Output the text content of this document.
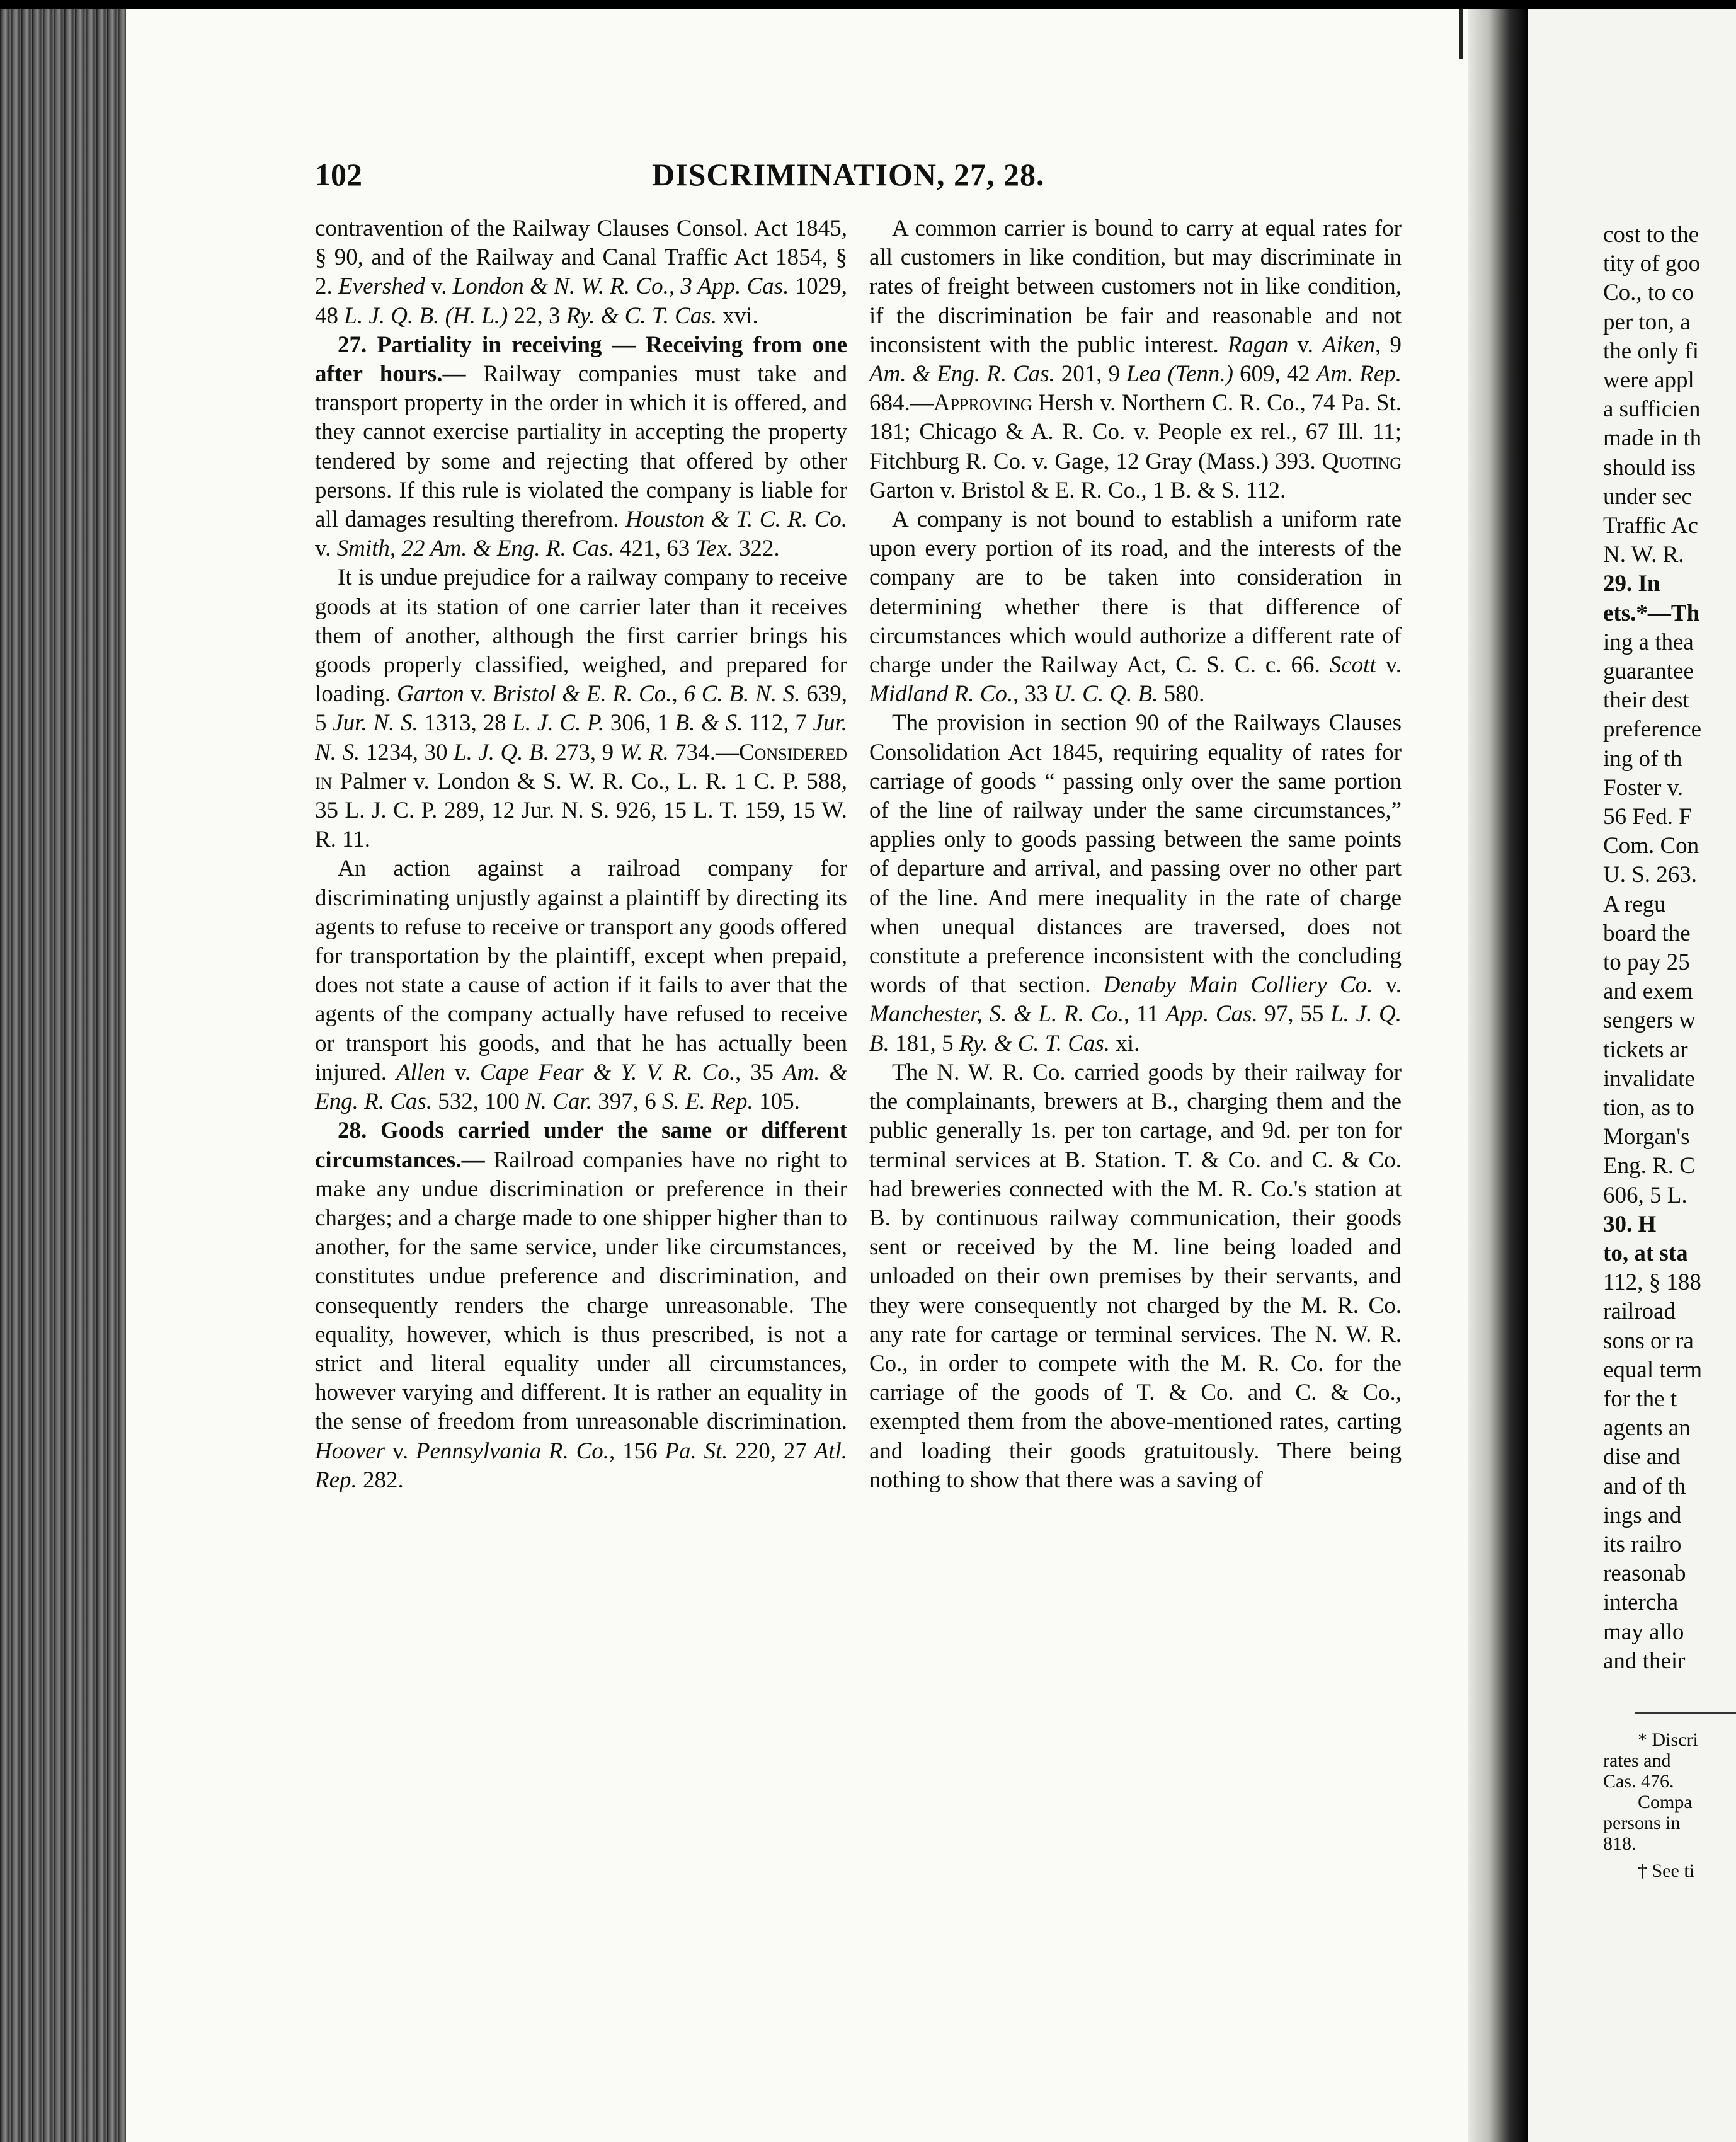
102	DISCRIMINATION, 27, 28.

contravention of the Railway Clauses Consol. Act 1845, § 90, and of the Railway and Canal Traffic Act 1854, § 2. Evershed v. London & N. W. R. Co., 3 App. Cas. 1029, 48 L. J. Q. B. (H. L.) 22, 3 Ry. & C. T. Cas. xvi.

27. Partiality in receiving — Receiving from one after hours.— Railway companies must take and transport property in the order in which it is offered, and they cannot exercise partiality in accepting the property tendered by some and rejecting that offered by other persons. If this rule is violated the company is liable for all damages resulting therefrom. Houston & T. C. R. Co. v. Smith, 22 Am. & Eng. R. Cas. 421, 63 Tex. 322.

It is undue prejudice for a railway company to receive goods at its station of one carrier later than it receives them of another, although the first carrier brings his goods properly classified, weighed, and prepared for loading. Garton v. Bristol & E. R. Co., 6 C. B. N. S. 639, 5 Jur. N. S. 1313, 28 L. J. C. P. 306, 1 B. & S. 112, 7 Jur. N. S. 1234, 30 L. J. Q. B. 273, 9 W. R. 734.—Considered in Palmer v. London & S. W. R. Co., L. R. 1 C. P. 588, 35 L. J. C. P. 289, 12 Jur. N. S. 926, 15 L. T. 159, 15 W. R. 11.

An action against a railroad company for discriminating unjustly against a plaintiff by directing its agents to refuse to receive or transport any goods offered for transportation by the plaintiff, except when prepaid, does not state a cause of action if it fails to aver that the agents of the company actually have refused to receive or transport his goods, and that he has actually been injured. Allen v. Cape Fear & Y. V. R. Co., 35 Am. & Eng. R. Cas. 532, 100 N. Car. 397, 6 S. E. Rep. 105.

28. Goods carried under the same or different circumstances.— Railroad companies have no right to make any undue discrimination or preference in their charges; and a charge made to one shipper higher than to another, for the same service, under like circumstances, constitutes undue preference and discrimination, and consequently renders the charge unreasonable. The equality, however, which is thus prescribed, is not a strict and literal equality under all circumstances, however varying and different. It is rather an equality in the sense of freedom from unreasonable discrimination. Hoover v. Pennsylvania R. Co., 156 Pa. St. 220, 27 Atl. Rep. 282.

A common carrier is bound to carry at equal rates for all customers in like condition, but may discriminate in rates of freight between customers not in like condition, if the discrimination be fair and reasonable and not inconsistent with the public interest. Ragan v. Aiken, 9 Am. & Eng. R. Cas. 201, 9 Lea (Tenn.) 609, 42 Am. Rep. 684.—Approving Hersh v. Northern C. R. Co., 74 Pa. St. 181; Chicago & A. R. Co. v. People ex rel., 67 Ill. 11; Fitchburg R. Co. v. Gage, 12 Gray (Mass.) 393. Quoting Garton v. Bristol & E. R. Co., 1 B. & S. 112.

A company is not bound to establish a uniform rate upon every portion of its road, and the interests of the company are to be taken into consideration in determining whether there is that difference of circumstances which would authorize a different rate of charge under the Railway Act, C. S. C. c. 66. Scott v. Midland R. Co., 33 U. C. Q. B. 580.

The provision in section 90 of the Railways Clauses Consolidation Act 1845, requiring equality of rates for carriage of goods “ passing only over the same portion of the line of railway under the same circumstances,” applies only to goods passing between the same points of departure and arrival, and passing over no other part of the line. And mere inequality in the rate of charge when unequal distances are traversed, does not constitute a preference inconsistent with the concluding words of that section. Denaby Main Colliery Co. v. Manchester, S. & L. R. Co., 11 App. Cas. 97, 55 L. J. Q. B. 181, 5 Ry. & C. T. Cas. xi.

The N. W. R. Co. carried goods by their railway for the complainants, brewers at B., charging them and the public generally 1s. per ton cartage, and 9d. per ton for terminal services at B. Station. T. & Co. and C. & Co. had breweries connected with the M. R. Co.'s station at B. by continuous railway communication, their goods sent or received by the M. line being loaded and unloaded on their own premises by their servants, and they were consequently not charged by the M. R. Co. any rate for cartage or terminal services. The N. W. R. Co., in order to compete with the M. R. Co. for the carriage of the goods of T. & Co. and C. & Co., exempted them from the above-mentioned rates, carting and loading their goods gratuitously. There being nothing to show that there was a saving of

cost to the
tity of goo
Co., to co
per ton, a
the only fi
were appl
a sufficien
made in th
should iss
under sec
Traffic Ac
N. W. R.
29. In
ets.*—Th
ing a thea
guarantee
their dest
preference
ing of th
Foster v.
56 Fed. F
Com. Con
U. S. 263.
A regu
board the
to pay 25
and exem
sengers w
tickets ar
invalidate
tion, as to
Morgan's
Eng. R. C
606, 5 L.
30. H
to, at sta
112, § 188
railroad
sons or ra
equal term
for the t
agents an
dise and
and of th
ings and
its railro
reasonab
intercha
may allo
and their
* Discri
rates and
Cas. 476.
Compa
persons in
818.
† See ti
